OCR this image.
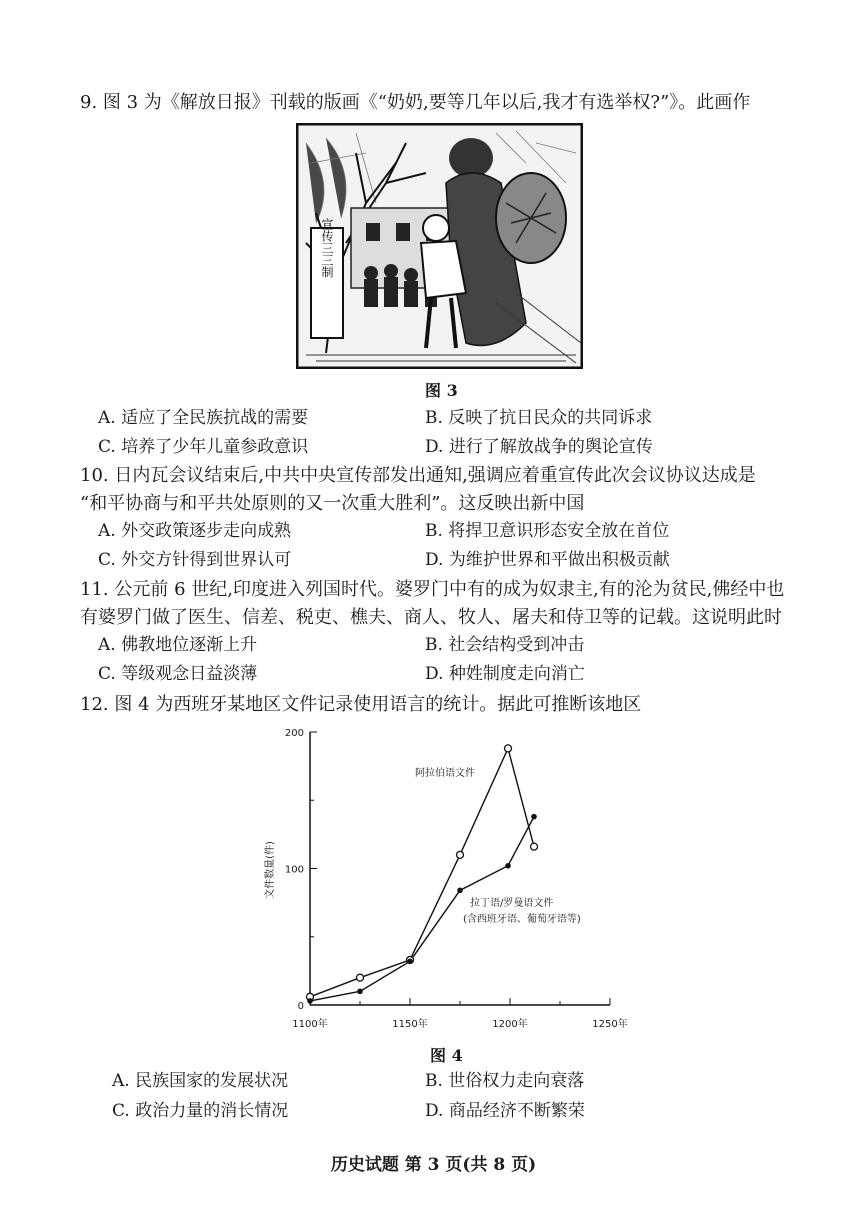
9. 图 3 为《解放日报》刊载的版画《“奶奶,要等几年以后,我才有选举权?”》。此画作
宣传三三制
图 3
A. 适应了全民族抗战的需要	B. 反映了抗日民众的共同诉求
C. 培养了少年儿童参政意识	D. 进行了解放战争的舆论宣传
10. 日内瓦会议结束后,中共中央宣传部发出通知,强调应着重宣传此次会议协议达成是
“和平协商与和平共处原则的又一次重大胜利”。这反映出新中国
A. 外交政策逐步走向成熟	B. 将捍卫意识形态安全放在首位
C. 外交方针得到世界认可	D. 为维护世界和平做出积极贡献
11. 公元前 6 世纪,印度进入列国时代。婆罗门中有的成为奴隶主,有的沦为贫民,佛经中也
有婆罗门做了医生、信差、税吏、樵夫、商人、牧人、屠夫和侍卫等的记载。这说明此时
A. 佛教地位逐渐上升	B. 社会结构受到冲击
C. 等级观念日益淡薄	D. 种姓制度走向消亡
12. 图 4 为西班牙某地区文件记录使用语言的统计。据此可推断该地区
0
100
200
1100年	1150年	1200年	1250年
文件数量(件)
阿拉伯语文件
拉丁语/罗曼语文件
(含西班牙语、葡萄牙语等)
图 4
A. 民族国家的发展状况	B. 世俗权力走向衰落
C. 政治力量的消长情况	D. 商品经济不断繁荣
历史试题 第 3 页(共 8 页)
